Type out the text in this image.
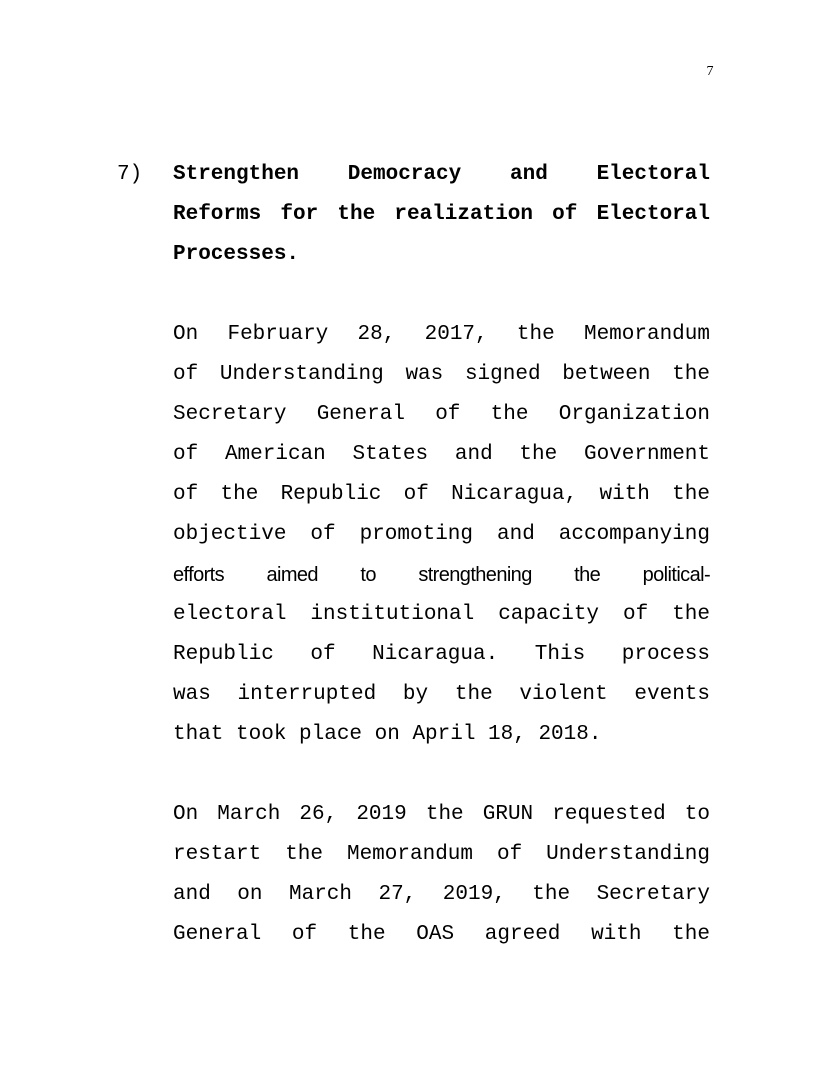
7
7) Strengthen Democracy and Electoral
Reforms for the realization of Electoral
Processes.

On February 28, 2017, the Memorandum
of Understanding was signed between the
Secretary General of the Organization
of American States and the Government
of the Republic of Nicaragua, with the
objective of promoting and accompanying
efforts aimed to strengthening the political-
electoral institutional capacity of the
Republic of Nicaragua. This process
was interrupted by the violent events
that took place on April 18, 2018.

On March 26, 2019 the GRUN requested to
restart the Memorandum of Understanding
and on March 27, 2019, the Secretary
General of the OAS agreed with the
